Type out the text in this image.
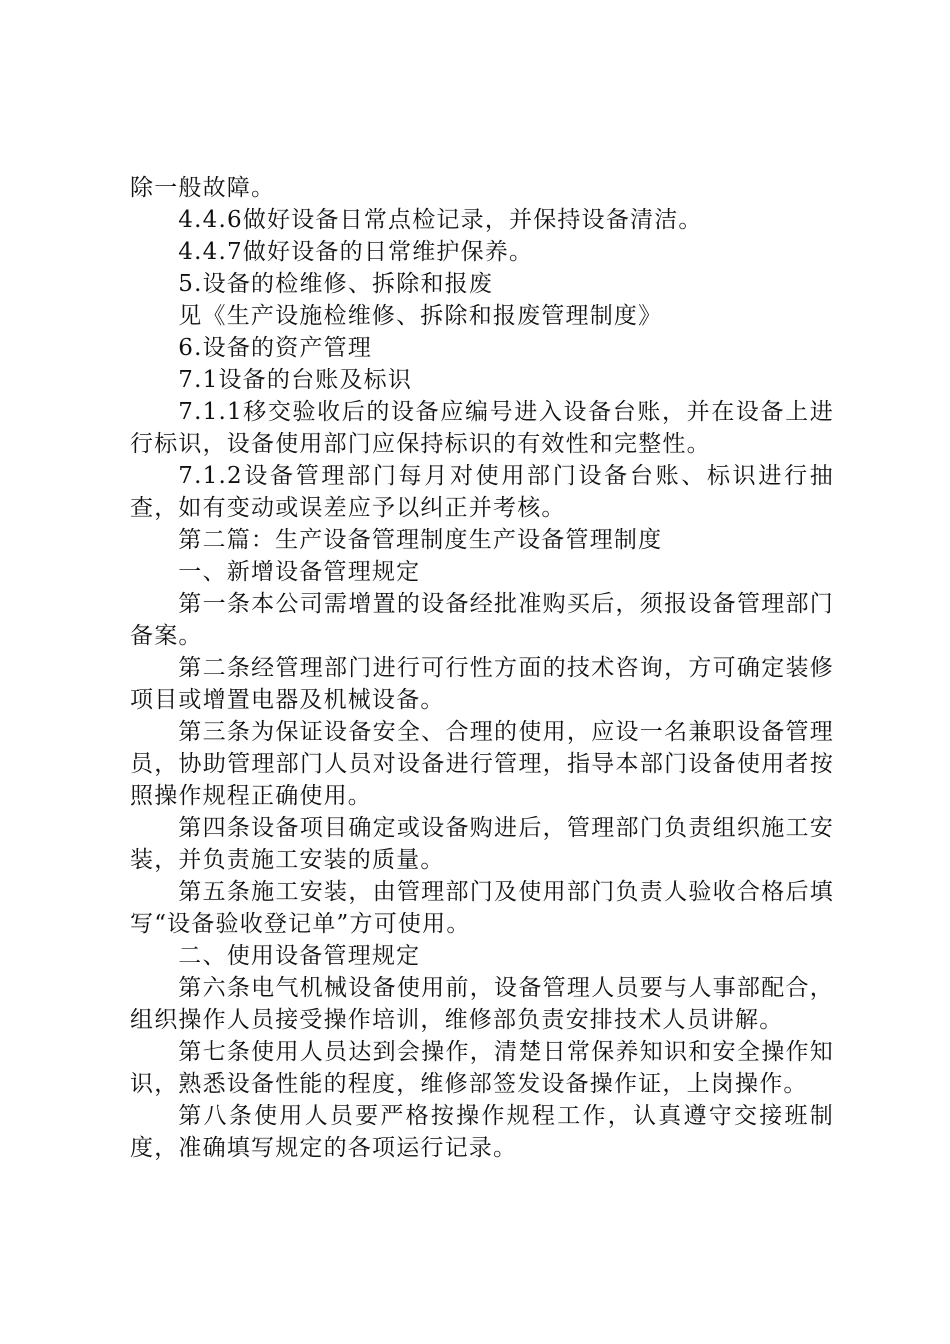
除一般故障。

4.4.6做好设备日常点检记录，并保持设备清洁。

4.4.7做好设备的日常维护保养。

5.设备的检维修、拆除和报废

见《生产设施检维修、拆除和报废管理制度》

6.设备的资产管理

7.1设备的台账及标识

7.1.1移交验收后的设备应编号进入设备台账，并在设备上进行标识，设备使用部门应保持标识的有效性和完整性。

7.1.2设备管理部门每月对使用部门设备台账、标识进行抽查，如有变动或误差应予以纠正并考核。

第二篇：生产设备管理制度生产设备管理制度

一、新增设备管理规定

第一条本公司需增置的设备经批准购买后，须报设备管理部门备案。

第二条经管理部门进行可行性方面的技术咨询，方可确定装修项目或增置电器及机械设备。

第三条为保证设备安全、合理的使用，应设一名兼职设备管理员，协助管理部门人员对设备进行管理，指导本部门设备使用者按照操作规程正确使用。

第四条设备项目确定或设备购进后，管理部门负责组织施工安装，并负责施工安装的质量。

第五条施工安装，由管理部门及使用部门负责人验收合格后填写“设备验收登记单”方可使用。

二、使用设备管理规定

第六条电气机械设备使用前，设备管理人员要与人事部配合，组织操作人员接受操作培训，维修部负责安排技术人员讲解。

第七条使用人员达到会操作，清楚日常保养知识和安全操作知识，熟悉设备性能的程度，维修部签发设备操作证，上岗操作。

第八条使用人员要严格按操作规程工作，认真遵守交接班制度，准确填写规定的各项运行记录。
